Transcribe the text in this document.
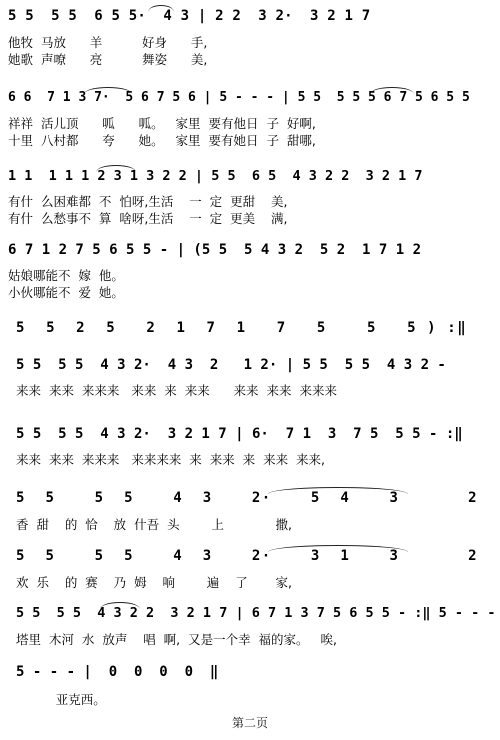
5 5  5 5  6 5 5·  4 3 | 2 2  3 2·  3 2 1 7
他牧  马放      羊          好身      手,
她歌  声嘹      亮          舞姿      美,
6 6  7 1 3 7·  5 6 7 5 6 | 5 - - - | 5 5  5 5 5 6 7 5 6 5 5
祥祥  活儿顶      呱      呱。   家里  要有他日  子  好啊,
十里  八村都      夸      她。   家里  要有她日  子  甜哪,
1 1  1 1 1 2 3 1 3 2 2 | 5 5  6 5  4 3 2 2  3 2 1 7
有什  么困难都  不  怕呀,生活    一  定  更甜    美,
有什  么愁事不  算  啥呀,生活    一  定  更美    满,
6 7 1 2 7 5 6 5 5 - | (5 5  5 4 3 2  5 2  1 7 1 2
姑娘哪能不  嫁  他。
小伙哪能不  爱  她。
5  5  2  5   2  1  7  1   7   5    5   5 ) :‖
5 5  5 5  4 3 2·  4 3  2   1 2· | 5 5  5 5  4 3 2 -
来来  来来  来来来   来来  来  来来      来来  来来  来来来
5 5  5 5  4 3 2·  3 2 1 7 | 6·  7 1  3  7 5  5 5 - :‖
来来  来来  来来来   来来来来  来  来来  来  来来  来来,
5  5    5  5    4  3    2·    5  4    3       2
香  甜    的  恰    放  什吾  头        上             撒,
5  5    5  5    4  3    2·    3  1    3       2
欢  乐    的  赛    乃  姆    响        遍    了       家,
5 5  5 5  4 3 2 2  3 2 1 7 | 6 7 1 3 7 5 6 5 5 - :‖ 5 - - -
塔里  木河  水  放声    唱  啊,  又是一个幸  福的家。   唉,
5 - - - |  0  0  0  0  ‖
亚克西。
第二页
